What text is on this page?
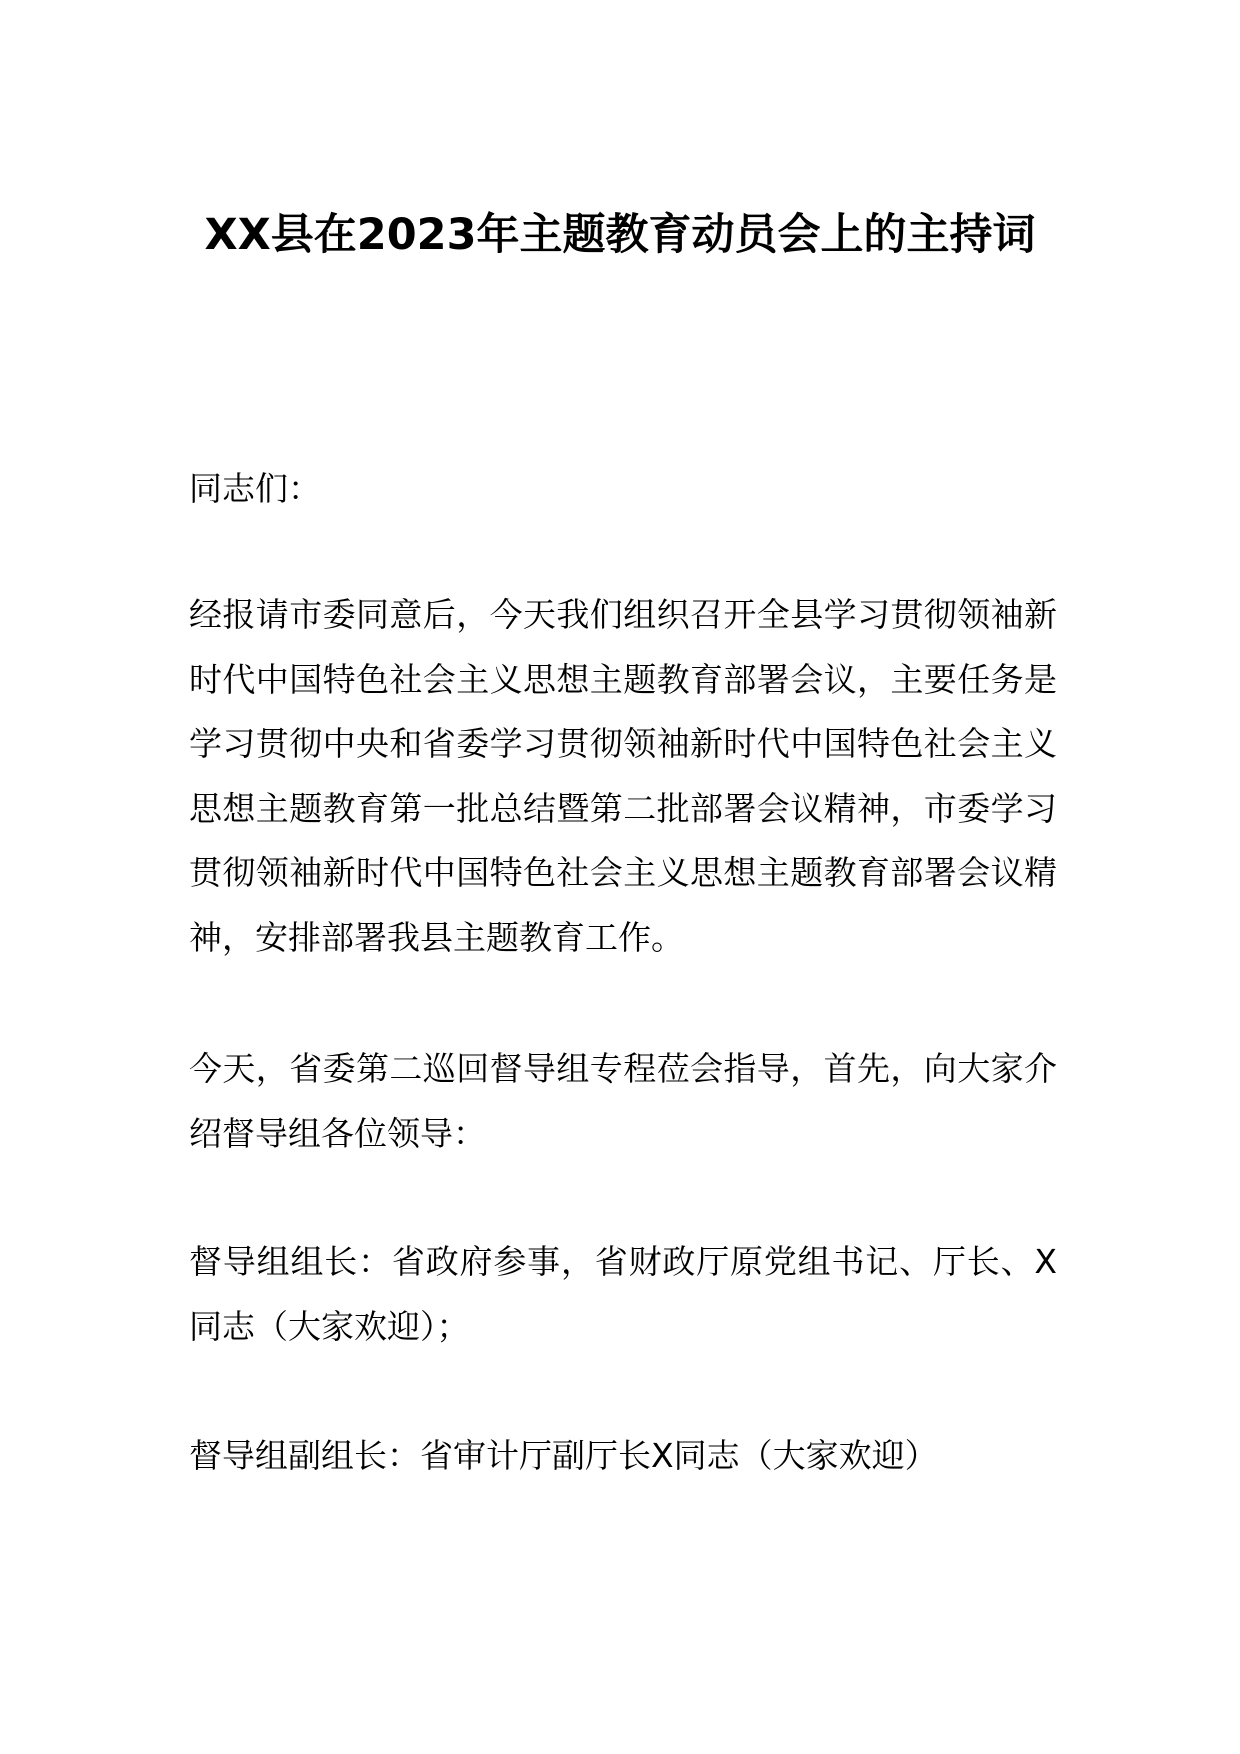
XX县在2023年主题教育动员会上的主持词

同志们：

经报请市委同意后，今天我们组织召开全县学习贯彻领袖新时代中国特色社会主义思想主题教育部署会议，主要任务是学习贯彻中央和省委学习贯彻领袖新时代中国特色社会主义思想主题教育第一批总结暨第二批部署会议精神，市委学习贯彻领袖新时代中国特色社会主义思想主题教育部署会议精神，安排部署我县主题教育工作。

今天，省委第二巡回督导组专程莅会指导，首先，向大家介绍督导组各位领导：

督导组组长：省政府参事，省财政厅原党组书记、厅长、X同志（大家欢迎）；

督导组副组长：省审计厅副厅长X同志（大家欢迎）
